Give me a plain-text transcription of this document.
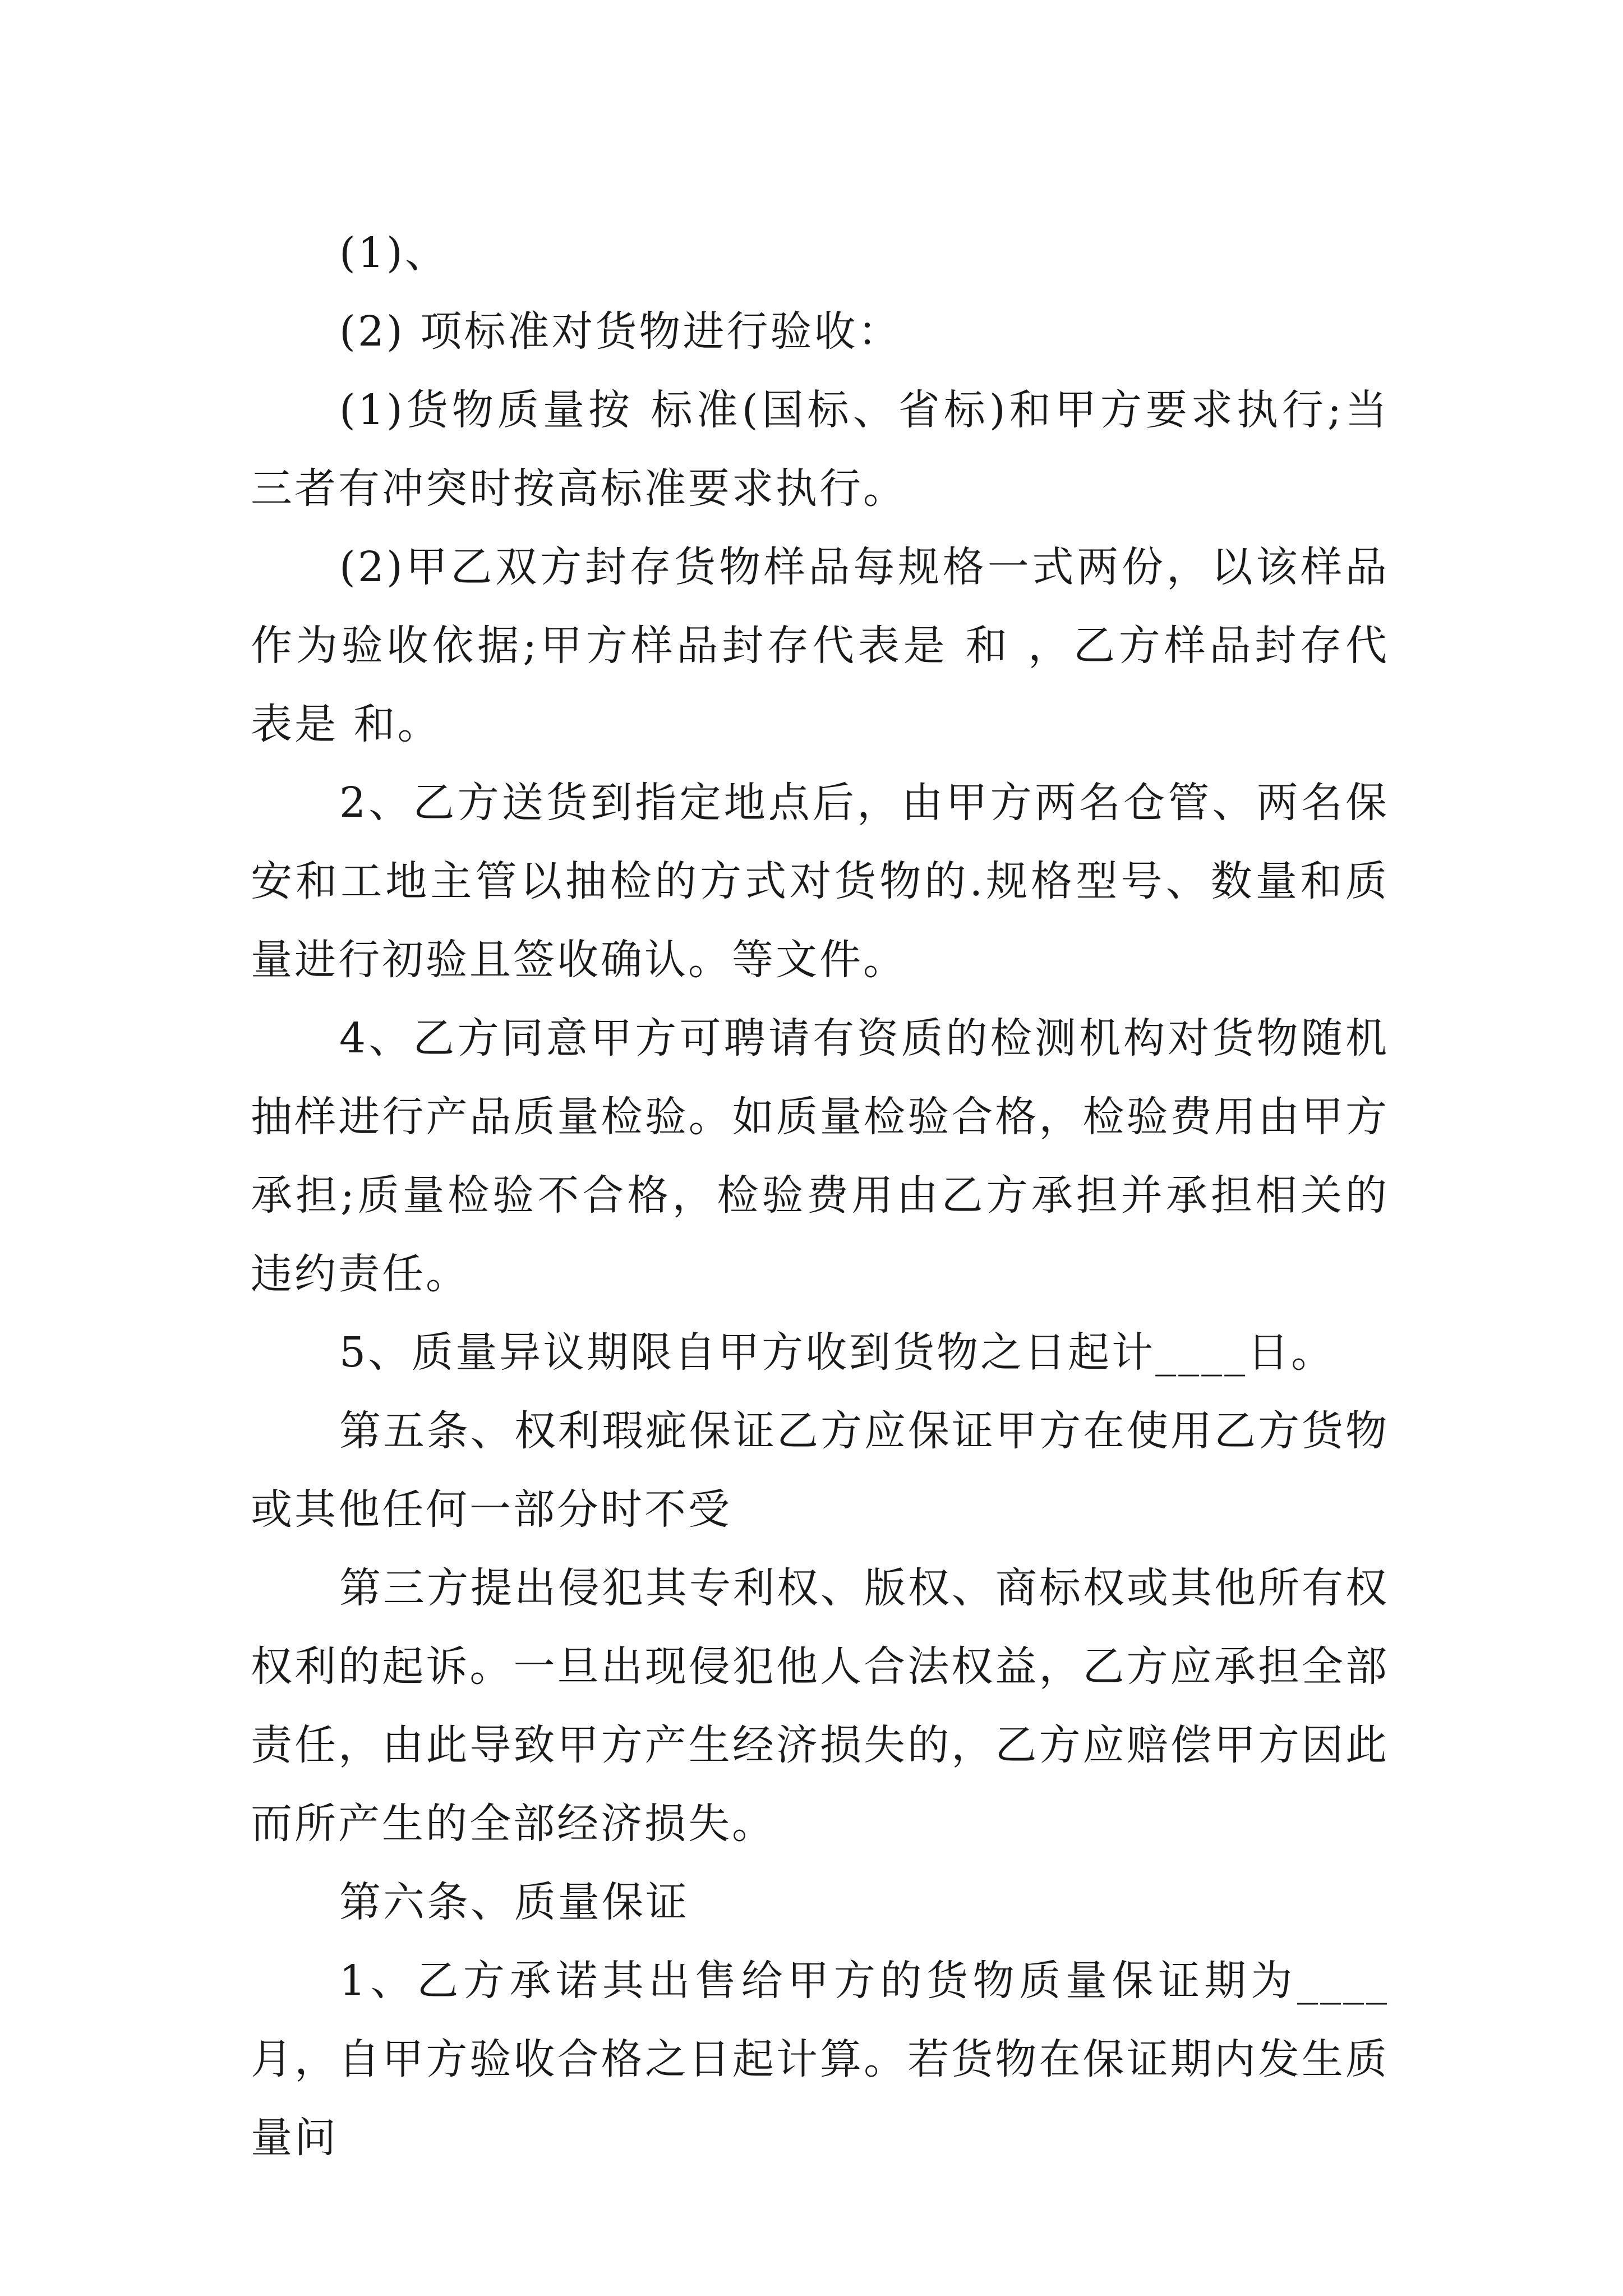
(1)、

(2) 项标准对货物进行验收：

(1)货物质量按 标准(国标、省标)和甲方要求执行;当三者有冲突时按高标准要求执行。

(2)甲乙双方封存货物样品每规格一式两份，以该样品作为验收依据;甲方样品封存代表是 和 ，乙方样品封存代表是 和。

2、乙方送货到指定地点后，由甲方两名仓管、两名保安和工地主管以抽检的方式对货物的.规格型号、数量和质量进行初验且签收确认。等文件。

4、乙方同意甲方可聘请有资质的检测机构对货物随机抽样进行产品质量检验。如质量检验合格，检验费用由甲方承担;质量检验不合格，检验费用由乙方承担并承担相关的违约责任。

5、质量异议期限自甲方收到货物之日起计____日。

第五条、权利瑕疵保证乙方应保证甲方在使用乙方货物或其他任何一部分时不受

第三方提出侵犯其专利权、版权、商标权或其他所有权权利的起诉。一旦出现侵犯他人合法权益，乙方应承担全部责任，由此导致甲方产生经济损失的，乙方应赔偿甲方因此而所产生的全部经济损失。

第六条、质量保证

1、乙方承诺其出售给甲方的货物质量保证期为____月，自甲方验收合格之日起计算。若货物在保证期内发生质量问
